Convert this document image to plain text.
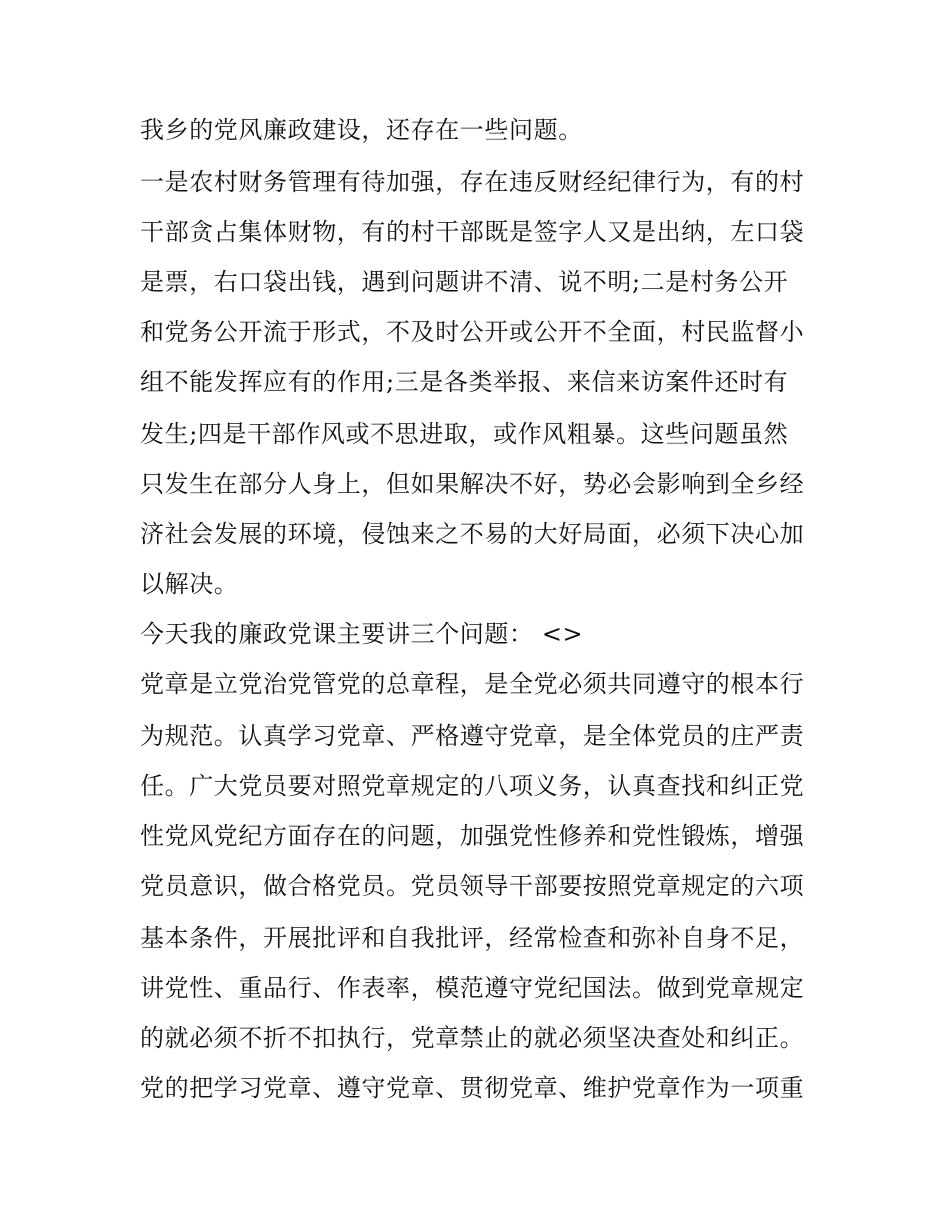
我乡的党风廉政建设，还存在一些问题。
一是农村财务管理有待加强，存在违反财经纪律行为，有的村
干部贪占集体财物，有的村干部既是签字人又是出纳，左口袋
是票，右口袋出钱，遇到问题讲不清、说不明;二是村务公开
和党务公开流于形式，不及时公开或公开不全面，村民监督小
组不能发挥应有的作用;三是各类举报、来信来访案件还时有
发生;四是干部作风或不思进取，或作风粗暴。这些问题虽然
只发生在部分人身上，但如果解决不好，势必会影响到全乡经
济社会发展的环境，侵蚀来之不易的大好局面，必须下决心加
以解决。
今天我的廉政党课主要讲三个问题： <>
党章是立党治党管党的总章程，是全党必须共同遵守的根本行
为规范。认真学习党章、严格遵守党章，是全体党员的庄严责
任。广大党员要对照党章规定的八项义务，认真查找和纠正党
性党风党纪方面存在的问题，加强党性修养和党性锻炼，增强
党员意识，做合格党员。党员领导干部要按照党章规定的六项
基本条件，开展批评和自我批评，经常检查和弥补自身不足，
讲党性、重品行、作表率，模范遵守党纪国法。做到党章规定
的就必须不折不扣执行，党章禁止的就必须坚决查处和纠正。
党的把学习党章、遵守党章、贯彻党章、维护党章作为一项重
